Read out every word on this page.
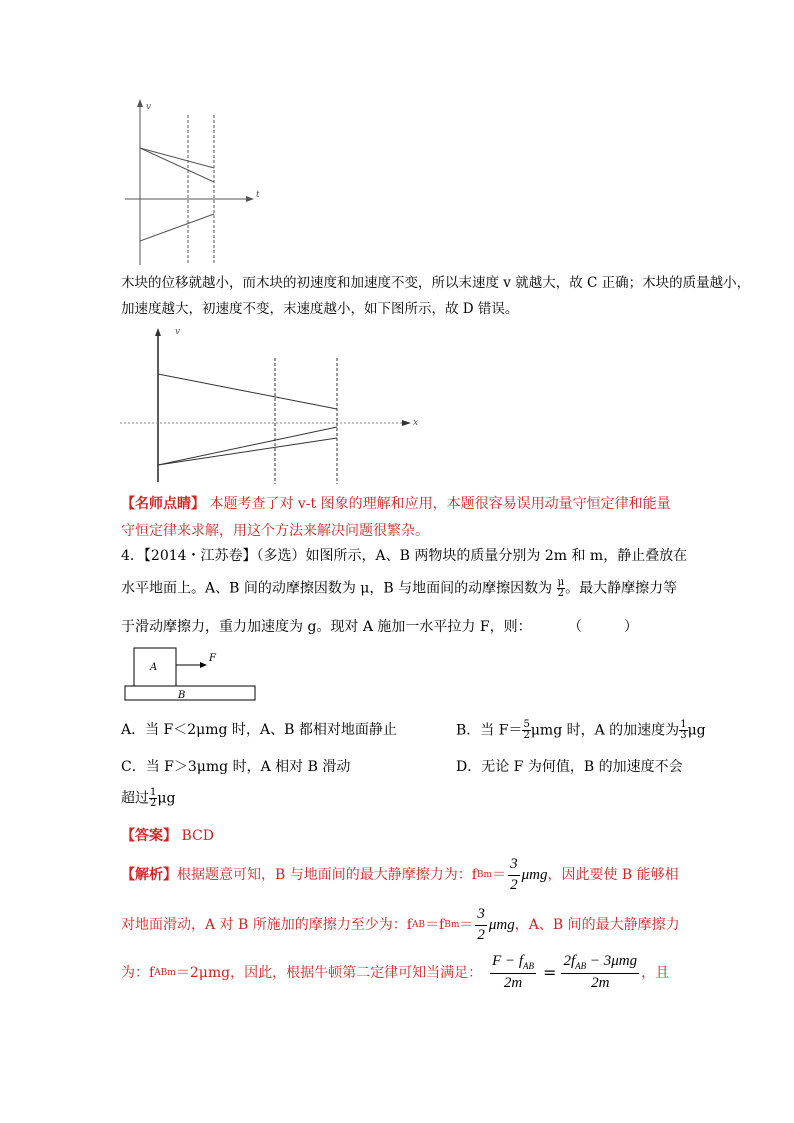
v
t
木块的位移就越小，而木块的初速度和加速度不变，所以末速度 v 就越大，故 C 正确；木块的质量越小，
加速度越大，初速度不变，末速度越小，如下图所示，故 D 错误。
v
x
【名师点睛】 本题考查了对 v-t 图象的理解和应用，本题很容易误用动量守恒定律和能量
守恒定律来求解，用这个方法来解决问题很繁杂。
4．【2014・江苏卷】（多选）如图所示，A、B 两物块的质量分别为 2m 和 m，静止叠放在
水平地面上。A、B 间的动摩擦因数为 μ，B 与地面间的动摩擦因数为 $\frac{\mu}{2}$ 。最大静摩擦力等
于滑动摩擦力，重力加速度为 g。现对 A 施加一水平拉力 F，则：	（　　　）
A
B
F
A．当 F＜2μmg 时，A、B 都相对地面静止	B．当 $F= \frac{5}{2}$ μmg 时，A 的加速度为 $\frac{1}{3}$ μg
C．当 F＞3μmg 时，A 相对 B 滑动	D．无论 F 为何值，B 的加速度不会
超过 $\frac{1}{2}$ μg
【答案】 BCD
【解析】 根据题意可知，B 与地面间的最大静摩擦力为：f $Bm = \frac{3}{2}$ μmg ，因此要使 B 能够相
对地面滑动，A 对 B 所施加的摩擦力至少为：f AB ＝f $Bm = \frac{3}{2}$ μmg ，A、B 间的最大静摩擦力
为：f ABm ＝2μmg，因此，根据牛顿第二定律可知当满足： $\frac{F - f_{AB}}{2m} = \frac{2f_{AB} - 3\mu mg}{2m}$ ，且
